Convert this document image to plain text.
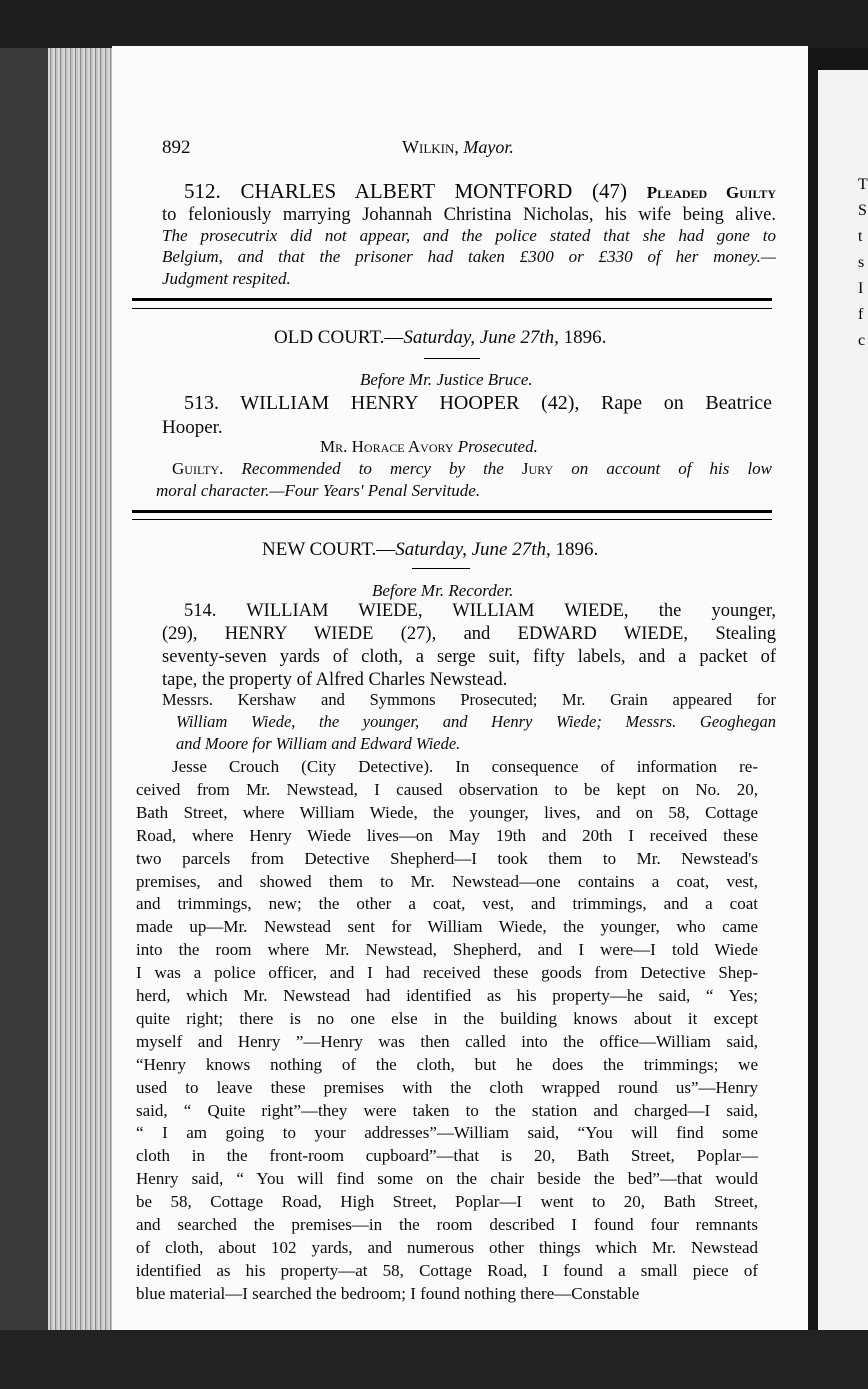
T
S
t
s
I
f
c
892	Wilkin, Mayor.
512. CHARLES ALBERT MONTFORD (47) Pleaded Guilty
to feloniously marrying Johannah Christina Nicholas, his wife being alive.
The prosecutrix did not appear, and the police stated that she had gone to
Belgium, and that the prisoner had taken £300 or £330 of her money.—
Judgment respited.
OLD COURT.—Saturday, June 27th, 1896.
Before Mr. Justice Bruce.
513. WILLIAM HENRY HOOPER (42), Rape on Beatrice
Hooper.
Mr. Horace Avory Prosecuted.
Guilty. Recommended to mercy by the Jury on account of his low
moral character.—Four Years' Penal Servitude.
NEW COURT.—Saturday, June 27th, 1896.
Before Mr. Recorder.
514. WILLIAM WIEDE, WILLIAM WIEDE, the younger,
(29), HENRY WIEDE (27), and EDWARD WIEDE, Stealing
seventy-seven yards of cloth, a serge suit, fifty labels, and a packet of
tape, the property of Alfred Charles Newstead.
Messrs. Kershaw and Symmons Prosecuted; Mr. Grain appeared for
William Wiede, the younger, and Henry Wiede; Messrs. Geoghegan
and Moore for William and Edward Wiede.
Jesse Crouch (City Detective). In consequence of information re-
ceived from Mr. Newstead, I caused observation to be kept on No. 20,
Bath Street, where William Wiede, the younger, lives, and on 58, Cottage
Road, where Henry Wiede lives—on May 19th and 20th I received these
two parcels from Detective Shepherd—I took them to Mr. Newstead's
premises, and showed them to Mr. Newstead—one contains a coat, vest,
and trimmings, new; the other a coat, vest, and trimmings, and a coat
made up—Mr. Newstead sent for William Wiede, the younger, who came
into the room where Mr. Newstead, Shepherd, and I were—I told Wiede
I was a police officer, and I had received these goods from Detective Shep-
herd, which Mr. Newstead had identified as his property—he said, “ Yes;
quite right; there is no one else in the building knows about it except
myself and Henry ”—Henry was then called into the office—William said,
“Henry knows nothing of the cloth, but he does the trimmings; we
used to leave these premises with the cloth wrapped round us”—Henry
said, “ Quite right”—they were taken to the station and charged—I said,
“ I am going to your addresses”—William said, “You will find some
cloth in the front-room cupboard”—that is 20, Bath Street, Poplar—
Henry said, “ You will find some on the chair beside the bed”—that would
be 58, Cottage Road, High Street, Poplar—I went to 20, Bath Street,
and searched the premises—in the room described I found four remnants
of cloth, about 102 yards, and numerous other things which Mr. Newstead
identified as his property—at 58, Cottage Road, I found a small piece of
blue material—I searched the bedroom; I found nothing there—Constable
